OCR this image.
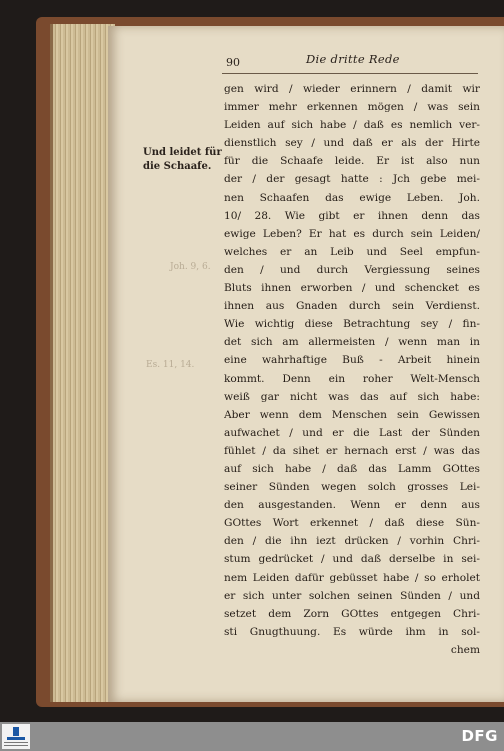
90	Die dritte Rede
Und leidet für
die Schaafe.
Joh. 9, 6.
Es. 11, 14.
gen wird / wieder erinnern / damit wir
immer mehr erkennen mögen / was sein
Leiden auf sich habe / daß es nemlich ver-
dienstlich sey / und daß er als der Hirte
für die Schaafe leide. Er ist also nun
der / der gesagt hatte : Jch gebe mei-
nen Schaafen das ewige Leben. Joh.
10/ 28. Wie gibt er ihnen denn das
ewige Leben? Er hat es durch sein Leiden/
welches er an Leib und Seel empfun-
den / und durch Vergiessung seines
Bluts ihnen erworben / und schencket es
ihnen aus Gnaden durch sein Verdienst.
Wie wichtig diese Betrachtung sey / fin-
det sich am allermeisten / wenn man in
eine wahrhaftige Buß - Arbeit hinein
kommt. Denn ein roher Welt-Mensch
weiß gar nicht was das auf sich habe:
Aber wenn dem Menschen sein Gewissen
aufwachet / und er die Last der Sünden
fühlet / da sihet er hernach erst / was das
auf sich habe / daß das Lamm GOttes
seiner Sünden wegen solch grosses Lei-
den ausgestanden. Wenn er denn aus
GOttes Wort erkennet / daß diese Sün-
den / die ihn iezt drücken / vorhin Chri-
stum gedrücket / und daß derselbe in sei-
nem Leiden dafür gebüsset habe / so erholet
er sich unter solchen seinen Sünden / und
setzet dem Zorn GOttes entgegen Chri-
sti Gnugthuung. Es würde ihm in sol-
chem
DFG
